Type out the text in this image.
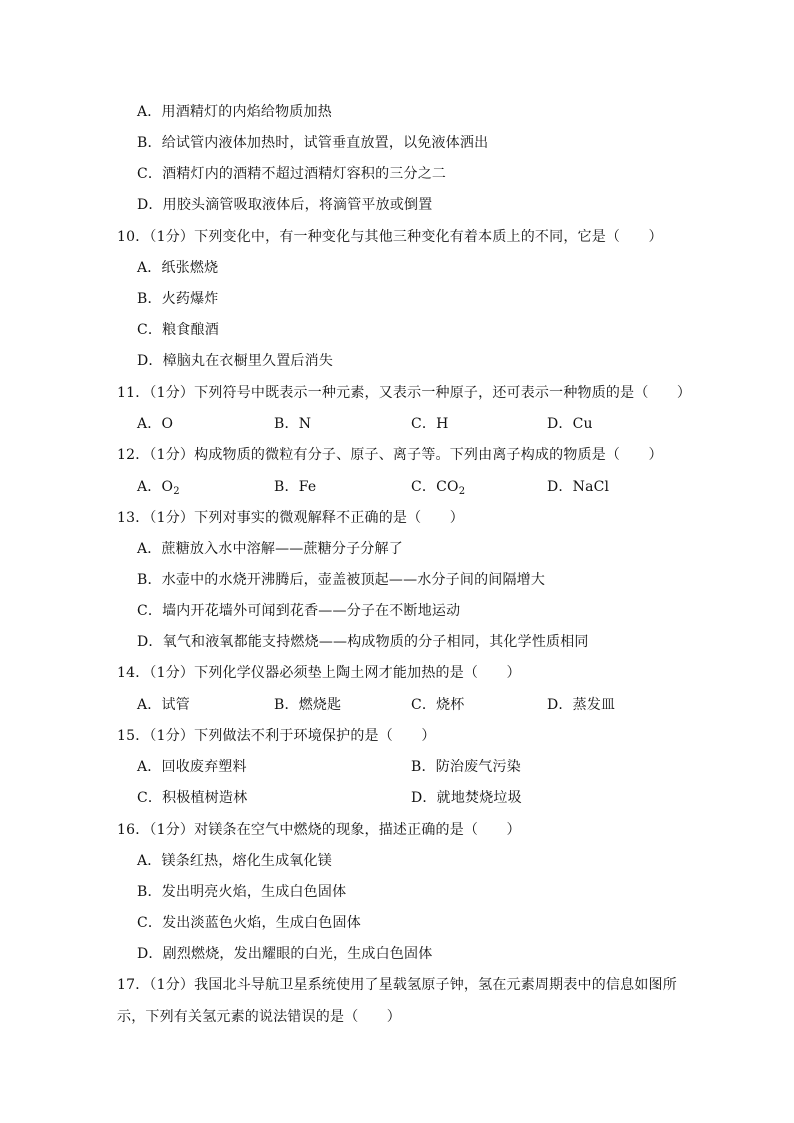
A．用酒精灯的内焰给物质加热
B．给试管内液体加热时，试管垂直放置，以免液体洒出
C．酒精灯内的酒精不超过酒精灯容积的三分之二
D．用胶头滴管吸取液体后，将滴管平放或倒置
10．（1分）下列变化中，有一种变化与其他三种变化有着本质上的不同，它是（　　）
A．纸张燃烧
B．火药爆炸
C．粮食酿酒
D．樟脑丸在衣橱里久置后消失
11．（1分）下列符号中既表示一种元素，又表示一种原子，还可表示一种物质的是（　　）
A．O	B．N	C．H	D．Cu
12．（1分）构成物质的微粒有分子、原子、离子等。下列由离子构成的物质是（　　）
A．$O_2$	B．Fe	C．$CO_2$	D．NaCl
13．（1分）下列对事实的微观解释不正确的是（　　）
A．蔗糖放入水中溶解——蔗糖分子分解了
B．水壶中的水烧开沸腾后，壶盖被顶起——水分子间的间隔增大
C．墙内开花墙外可闻到花香——分子在不断地运动
D．氧气和液氧都能支持燃烧——构成物质的分子相同，其化学性质相同
14．（1分）下列化学仪器必须垫上陶土网才能加热的是（　　）
A．试管	B．燃烧匙	C．烧杯	D．蒸发皿
15．（1分）下列做法不利于环境保护的是（　　）
A．回收废弃塑料	B．防治废气污染
C．积极植树造林	D．就地焚烧垃圾
16．（1分）对镁条在空气中燃烧的现象，描述正确的是（　　）
A．镁条红热，熔化生成氧化镁
B．发出明亮火焰，生成白色固体
C．发出淡蓝色火焰，生成白色固体
D．剧烈燃烧，发出耀眼的白光，生成白色固体
17．（1分）我国北斗导航卫星系统使用了星载氢原子钟，氢在元素周期表中的信息如图所
示，下列有关氢元素的说法错误的是（　　）
